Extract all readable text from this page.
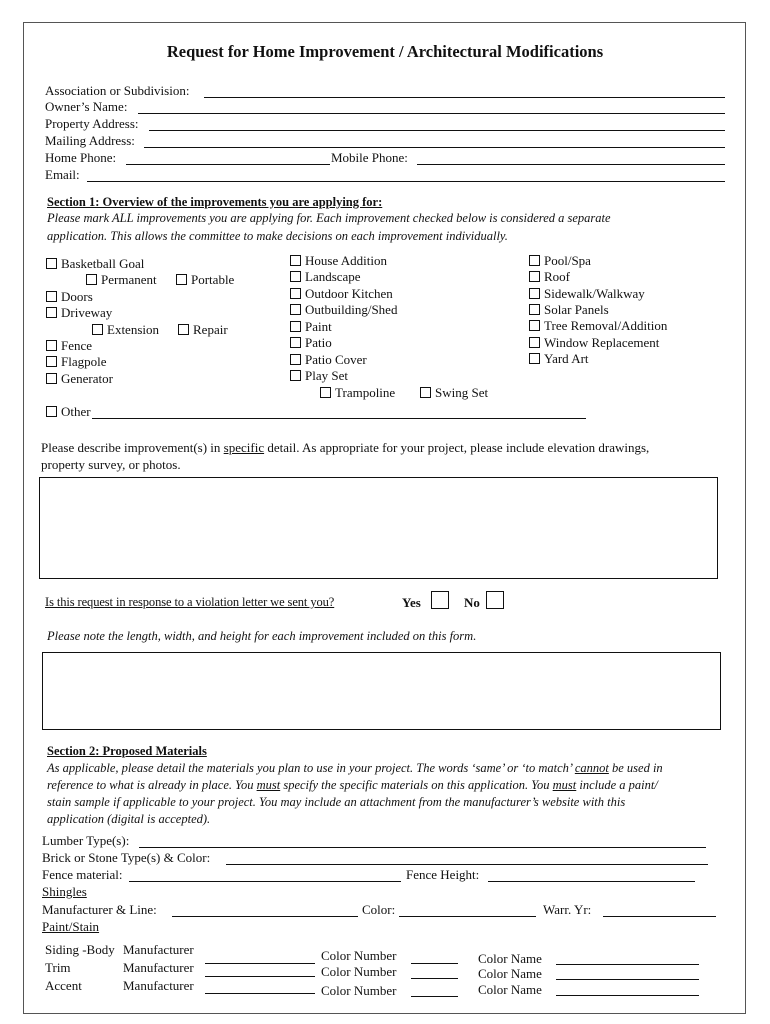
Request for Home Improvement / Architectural Modifications
Association or Subdivision:
Owner’s Name:
Property Address:
Mailing Address:
Home Phone:	Mobile Phone:
Email:
Section 1: Overview of the improvements you are applying for:
Please mark ALL improvements you are applying for. Each improvement checked below is considered a separate
application. This allows the committee to make decisions on each improvement individually.
Basketball Goal
Permanent	Portable
Doors
Driveway
Extension	Repair
Fence
Flagpole
Generator
House Addition
Landscape
Outdoor Kitchen
Outbuilding/Shed
Paint
Patio
Patio Cover
Play Set
Trampoline	Swing Set
Pool/Spa
Roof
Sidewalk/Walkway
Solar Panels
Tree Removal/Addition
Window Replacement
Yard Art
Other
Please describe improvement(s) in specific detail. As appropriate for your project, please include elevation drawings,
property survey, or photos.
Is this request in response to a violation letter we sent you?	Yes	No
Please note the length, width, and height for each improvement included on this form.
Section 2: Proposed Materials
As applicable, please detail the materials you plan to use in your project. The words ‘same’ or ‘to match’ cannot be used in
reference to what is already in place. You must specify the specific materials on this application. You must include a paint/
stain sample if applicable to your project. You may include an attachment from the manufacturer’s website with this
application (digital is accepted).
Lumber Type(s):
Brick or Stone Type(s) & Color:
Fence material:	Fence Height:
Shingles
Manufacturer & Line:	Color:	Warr. Yr:
Paint/Stain
Siding -Body Manufacturer	Color Number	Color Name
Trim	Manufacturer	Color Number	Color Name
Accent	Manufacturer	Color Number	Color Name
